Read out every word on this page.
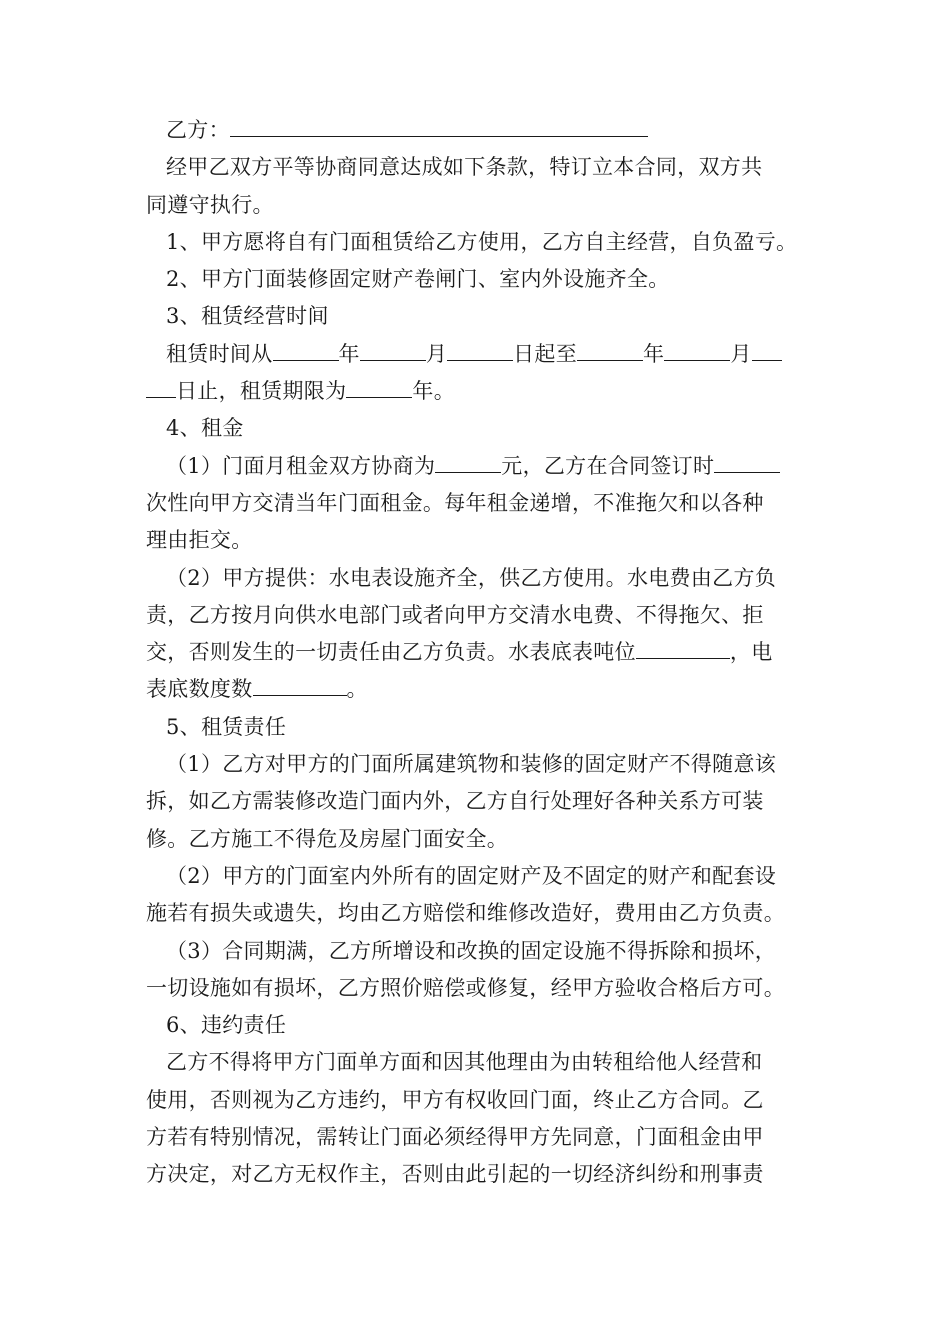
乙方：
经甲乙双方平等协商同意达成如下条款，特订立本合同，双方共
同遵守执行。
1、甲方愿将自有门面租赁给乙方使用，乙方自主经营，自负盈亏。
2、甲方门面装修固定财产卷闸门、室内外设施齐全。
3、租赁经营时间
租赁时间从	年	月	日起至	年	月
日止，租赁期限为	年。
4、租金
（1）门面月租金双方协商为	元，乙方在合同签订时
次性向甲方交清当年门面租金。每年租金递增，不准拖欠和以各种
理由拒交。
（2）甲方提供：水电表设施齐全，供乙方使用。水电费由乙方负
责，乙方按月向供水电部门或者向甲方交清水电费、不得拖欠、拒
交，否则发生的一切责任由乙方负责。水表底表吨位	，电
表底数度数	。
5、租赁责任
（1）乙方对甲方的门面所属建筑物和装修的固定财产不得随意该
拆，如乙方需装修改造门面内外，乙方自行处理好各种关系方可装
修。乙方施工不得危及房屋门面安全。
（2）甲方的门面室内外所有的固定财产及不固定的财产和配套设
施若有损失或遗失，均由乙方赔偿和维修改造好，费用由乙方负责。
（3）合同期满，乙方所增设和改换的固定设施不得拆除和损坏，
一切设施如有损坏，乙方照价赔偿或修复，经甲方验收合格后方可。
6、违约责任
乙方不得将甲方门面单方面和因其他理由为由转租给他人经营和
使用，否则视为乙方违约，甲方有权收回门面，终止乙方合同。乙
方若有特别情况，需转让门面必须经得甲方先同意，门面租金由甲
方决定，对乙方无权作主，否则由此引起的一切经济纠纷和刑事责
